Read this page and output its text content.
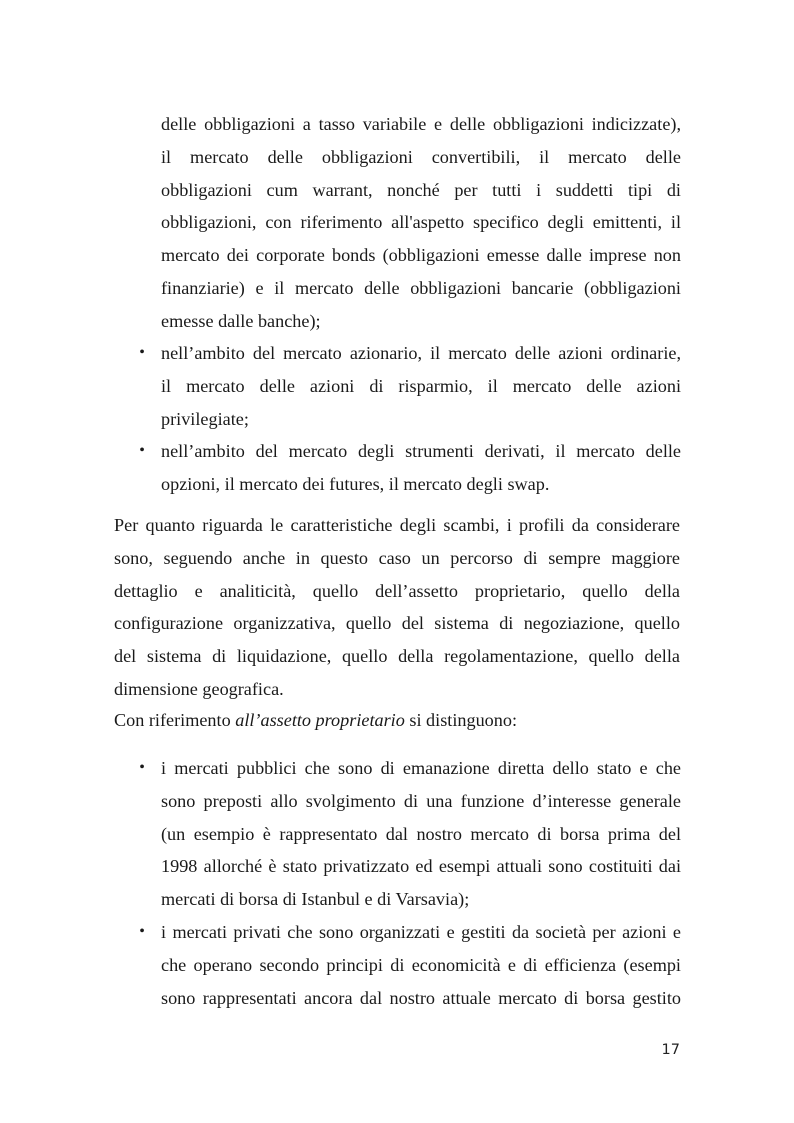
delle obbligazioni a tasso variabile e delle obbligazioni indicizzate),
il mercato delle obbligazioni convertibili, il mercato delle
obbligazioni cum warrant, nonché per tutti i suddetti tipi di
obbligazioni, con riferimento all'aspetto specifico degli emittenti, il
mercato dei corporate bonds (obbligazioni emesse dalle imprese non
finanziarie) e il mercato delle obbligazioni bancarie (obbligazioni
emesse dalle banche);
• nell’ambito del mercato azionario, il mercato delle azioni ordinarie,
il mercato delle azioni di risparmio, il mercato delle azioni
privilegiate;
• nell’ambito del mercato degli strumenti derivati, il mercato delle
opzioni, il mercato dei futures, il mercato degli swap.
Per quanto riguarda le caratteristiche degli scambi, i profili da considerare
sono, seguendo anche in questo caso un percorso di sempre maggiore
dettaglio e analiticità, quello dell’assetto proprietario, quello della
configurazione organizzativa, quello del sistema di negoziazione, quello
del sistema di liquidazione, quello della regolamentazione, quello della
dimensione geografica.
Con riferimento all’assetto proprietario si distinguono:
• i mercati pubblici che sono di emanazione diretta dello stato e che
sono preposti allo svolgimento di una funzione d’interesse generale
(un esempio è rappresentato dal nostro mercato di borsa prima del
1998 allorché è stato privatizzato ed esempi attuali sono costituiti dai
mercati di borsa di Istanbul e di Varsavia);
• i mercati privati che sono organizzati e gestiti da società per azioni e
che operano secondo principi di economicità e di efficienza (esempi
sono rappresentati ancora dal nostro attuale mercato di borsa gestito
17
